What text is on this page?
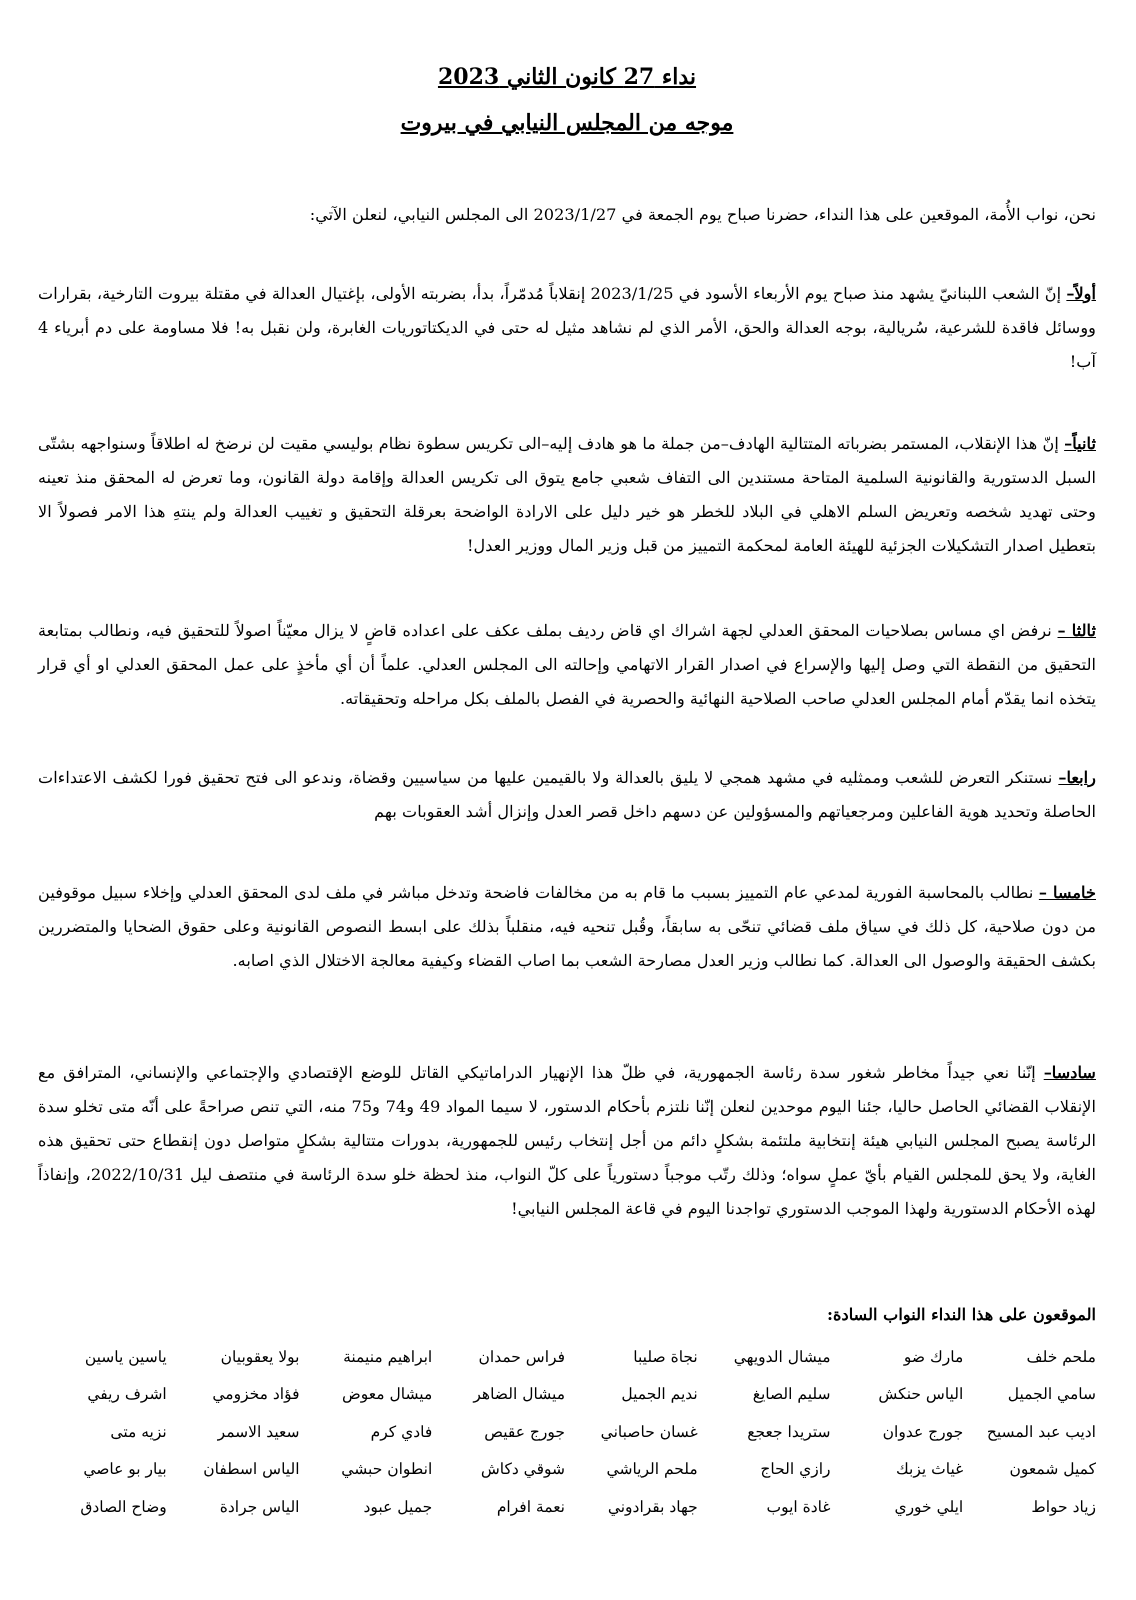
نداء 27 كانون الثاني 2023
موجه من المجلس النيابي في بيروت

نحن، نواب الأُمة، الموقعين على هذا النداء، حضرنا صباح يوم الجمعة في 2023/1/27 الى المجلس النيابي، لنعلن الآتي:

أولاً– إنّ الشعب اللبنانيّ يشهد منذ صباح يوم الأربعاء الأسود في 2023/1/25 إنقلاباً مُدمّراً، بدأ، بضربته الأولى، بإغتيال العدالة في مقتلة بيروت التارخية، بقرارات ووسائل فاقدة للشرعية، سُريالية، بوجه العدالة والحق، الأمر الذي لم نشاهد مثيل له حتى في الديكتاتوريات الغابرة، ولن نقبل به! فلا مساومة على دم أبرياء 4 آب!

ثانياً– إنّ هذا الإنقلاب، المستمر بضرباته المتتالية الهادف–من جملة ما هو هادف إليه–الى تكريس سطوة نظام بوليسي مقيت لن نرضخ له اطلاقاً وسنواجهه بشتّى السبل الدستورية والقانونية السلمية المتاحة مستندين الى التفاف شعبي جامع يتوق الى تكريس العدالة وإقامة دولة القانون، وما تعرض له المحقق منذ تعينه وحتى تهديد شخصه وتعريض السلم الاهلي في البلاد للخطر هو خير دليل على الارادة الواضحة بعرقلة التحقيق و تغييب العدالة ولم ينتهِ هذا الامر فصولاً الا بتعطيل اصدار التشكيلات الجزئية للهيئة العامة لمحكمة التمييز من قبل وزير المال ووزير العدل!

ثالثا – نرفض اي مساس بصلاحيات المحقق العدلي لجهة اشراك اي قاض رديف بملف عكف على اعداده قاضٍ لا يزال معيّناً اصولاً للتحقيق فيه، ونطالب بمتابعة التحقيق من النقطة التي وصل إليها والإسراع في اصدار القرار الاتهامي وإحالته الى المجلس العدلي. علماً أن أي مأخذٍ على عمل المحقق العدلي او أي قرار يتخذه انما يقدّم أمام المجلس العدلي صاحب الصلاحية النهائية والحصرية في الفصل بالملف بكل مراحله وتحقيقاته.

رابعا– نستنكر التعرض للشعب وممثليه في مشهد همجي لا يليق بالعدالة ولا بالقيمين عليها من سياسيين وقضاة، وندعو الى فتح تحقيق فورا لكشف الاعتداءات الحاصلة وتحديد هوية الفاعلين ومرجعياتهم والمسؤولين عن دسهم داخل قصر العدل وإنزال أشد العقوبات بهم

خامسا – نطالب بالمحاسبة الفورية لمدعي عام التمييز بسبب ما قام به من مخالفات فاضحة وتدخل مباشر في ملف لدى المحقق العدلي وإخلاء سبيل موقوفين من دون صلاحية، كل ذلك في سياق ملف قضائي تنحّى به سابقاً، وقُبل تنحيه فيه، منقلباً بذلك على ابسط النصوص القانونية وعلى حقوق الضحايا والمتضررين بكشف الحقيقة والوصول الى العدالة. كما نطالب وزير العدل مصارحة الشعب بما اصاب القضاء وكيفية معالجة الاختلال الذي اصابه.

سادسا– إنّنا نعي جيداً مخاطر شغور سدة رئاسة الجمهورية، في ظلّ هذا الإنهيار الدراماتيكي القاتل للوضع الإقتصادي والإجتماعي والإنساني، المترافق مع الإنقلاب القضائي الحاصل حاليا، جئنا اليوم موحدين لنعلن إنّنا نلتزم بأحكام الدستور، لا سيما المواد 49 و74 و75 منه، التي تنص صراحةً على أنّه متى تخلو سدة الرئاسة يصبح المجلس النيابي هيئة إنتخابية ملتئمة بشكلٍ دائم من أجل إنتخاب رئيس للجمهورية، بدورات متتالية بشكلٍ متواصل دون إنقطاع حتى تحقيق هذه الغاية، ولا يحق للمجلس القيام بأيّ عملٍ سواه؛ وذلك رتّب موجباً دستورياً على كلّ النواب، منذ لحظة خلو سدة الرئاسة في منتصف ليل 2022/10/31، وإنفاذاً لهذه الأحكام الدستورية ولهذا الموجب الدستوري تواجدنا اليوم في قاعة المجلس النيابي!

الموقعون على هذا النداء النواب السادة:

ملحم خلف
مارك ضو
ميشال الدويهي
نجاة صليبا
فراس حمدان
ابراهيم منيمنة
بولا يعقوبيان
ياسين ياسين
سامي الجميل
الياس حنكش
سليم الصايغ
نديم الجميل
ميشال الضاهر
ميشال معوض
فؤاد مخزومي
اشرف ريفي
اديب عبد المسيح
جورج عدوان
ستريدا جعجع
غسان حاصباني
جورج عقيص
فادي كرم
سعيد الاسمر
نزيه متى
كميل شمعون
غياث يزبك
رازي الحاج
ملحم الرياشي
شوقي دكاش
انطوان حبشي
الياس اسطفان
بيار بو عاصي
زياد حواط
ايلي خوري
غادة ايوب
جهاد بقرادوني
نعمة افرام
جميل عبود
الياس جرادة
وضاح الصادق
